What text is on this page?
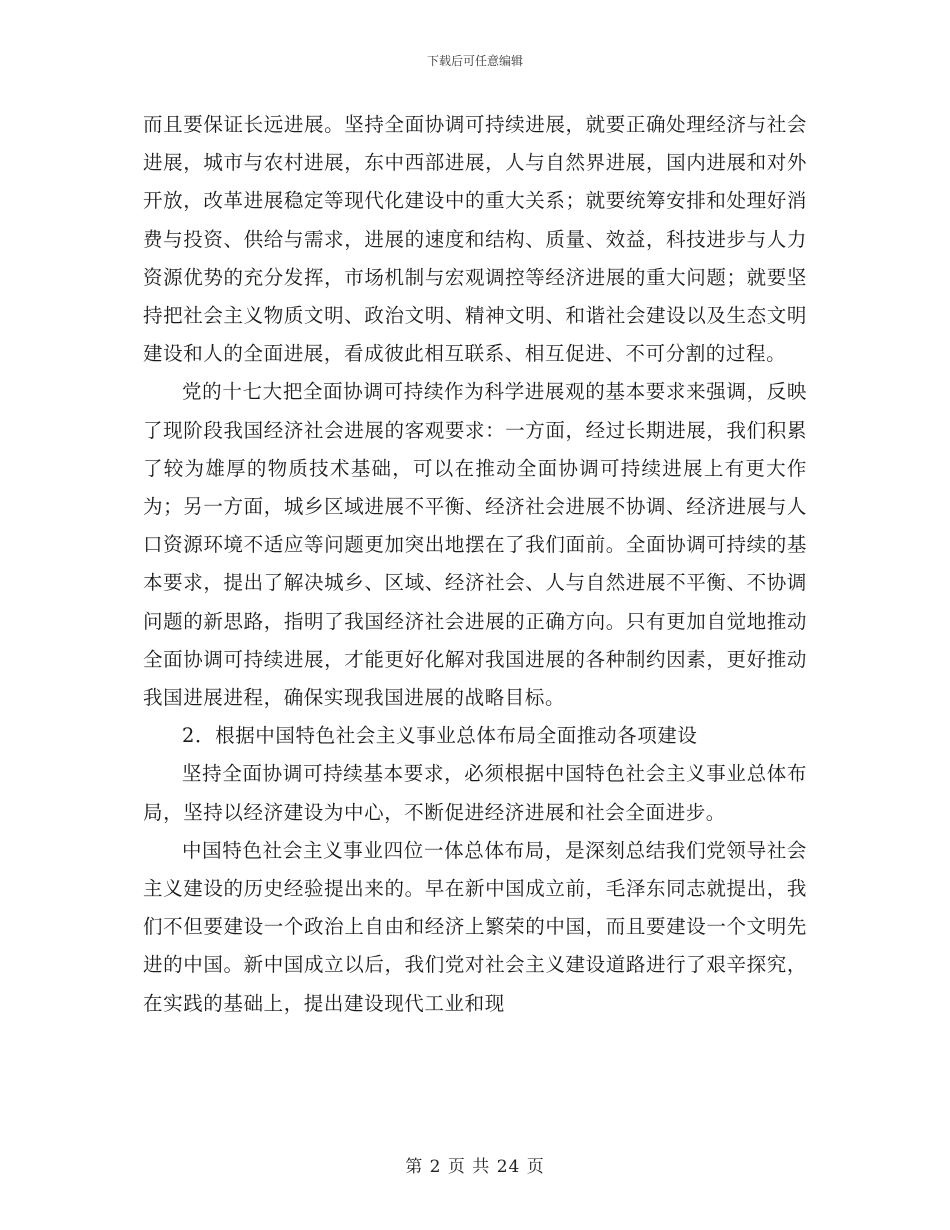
下载后可任意编辑

而且要保证长远进展。坚持全面协调可持续进展，就要正确处理经济与社会进展，城市与农村进展，东中西部进展，人与自然界进展，国内进展和对外开放，改革进展稳定等现代化建设中的重大关系；就要统筹安排和处理好消费与投资、供给与需求，进展的速度和结构、质量、效益，科技进步与人力资源优势的充分发挥，市场机制与宏观调控等经济进展的重大问题；就要坚持把社会主义物质文明、政治文明、精神文明、和谐社会建设以及生态文明建设和人的全面进展，看成彼此相互联系、相互促进、不可分割的过程。

党的十七大把全面协调可持续作为科学进展观的基本要求来强调，反映了现阶段我国经济社会进展的客观要求：一方面，经过长期进展，我们积累了较为雄厚的物质技术基础，可以在推动全面协调可持续进展上有更大作为；另一方面，城乡区域进展不平衡、经济社会进展不协调、经济进展与人口资源环境不适应等问题更加突出地摆在了我们面前。全面协调可持续的基本要求，提出了解决城乡、区域、经济社会、人与自然进展不平衡、不协调问题的新思路，指明了我国经济社会进展的正确方向。只有更加自觉地推动全面协调可持续进展，才能更好化解对我国进展的各种制约因素，更好推动我国进展进程，确保实现我国进展的战略目标。

2．根据中国特色社会主义事业总体布局全面推动各项建设

坚持全面协调可持续基本要求，必须根据中国特色社会主义事业总体布局，坚持以经济建设为中心，不断促进经济进展和社会全面进步。

中国特色社会主义事业四位一体总体布局，是深刻总结我们党领导社会主义建设的历史经验提出来的。早在新中国成立前，毛泽东同志就提出，我们不但要建设一个政治上自由和经济上繁荣的中国，而且要建设一个文明先进的中国。新中国成立以后，我们党对社会主义建设道路进行了艰辛探究，在实践的基础上，提出建设现代工业和现

第 2 页 共 24 页
